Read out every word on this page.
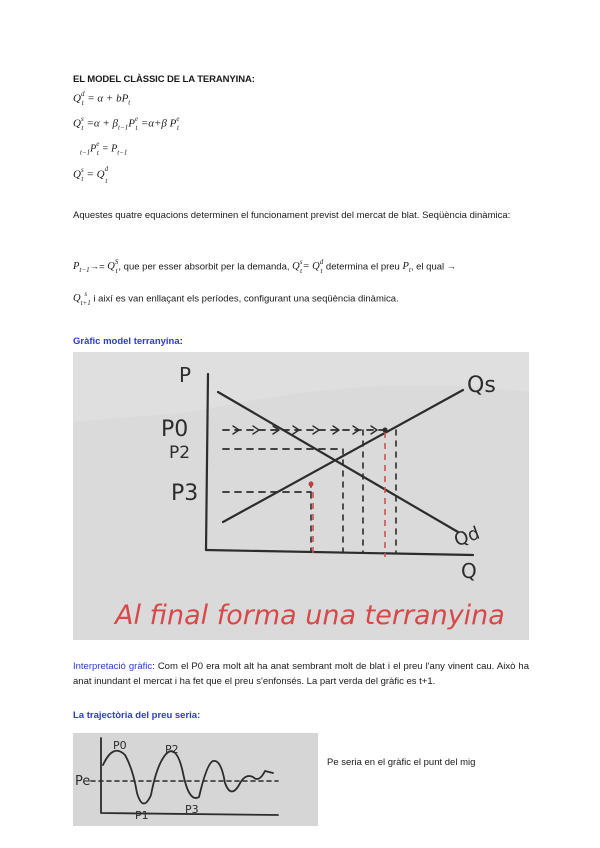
EL MODEL CLÀSSIC DE LA TERANYINA:
Q d
$t = \alpha + bP_t$
Q s
$t =\alpha + \beta_{t-1}P$ e
t =α+β P e
t
$_{t-1}$P e
$t = P_{t-1}$
Q s
t = Q d
t
Aquestes quatre equacions determinen el funcionament previst del mercat de blat. Seqüència dinàmica:
$P_{t-1}\to= Q$ S
t , que per esser absorbit per la demanda, Q s
t = Q d
t determina el preu $P_t$, el qual →
Q s
t+1 i així es van enllaçant els períodes, configurant una seqüència dinàmica.
Gràfic model terranyina:
P
Q
P0
P2
P3
Qs
Qd
Al final forma una terranyina
Interpretació gràfic: Com el P0 era molt alt ha anat sembrant molt de blat i el preu l'any vinent cau. Això ha anat inundant el mercat i ha fet que el preu s'enfonsés. La part verda del gràfic es t+1.
La trajectòria del preu seria:
Pe
P0	P2
P1	P3
Pe seria en el gràfic el punt del mig
